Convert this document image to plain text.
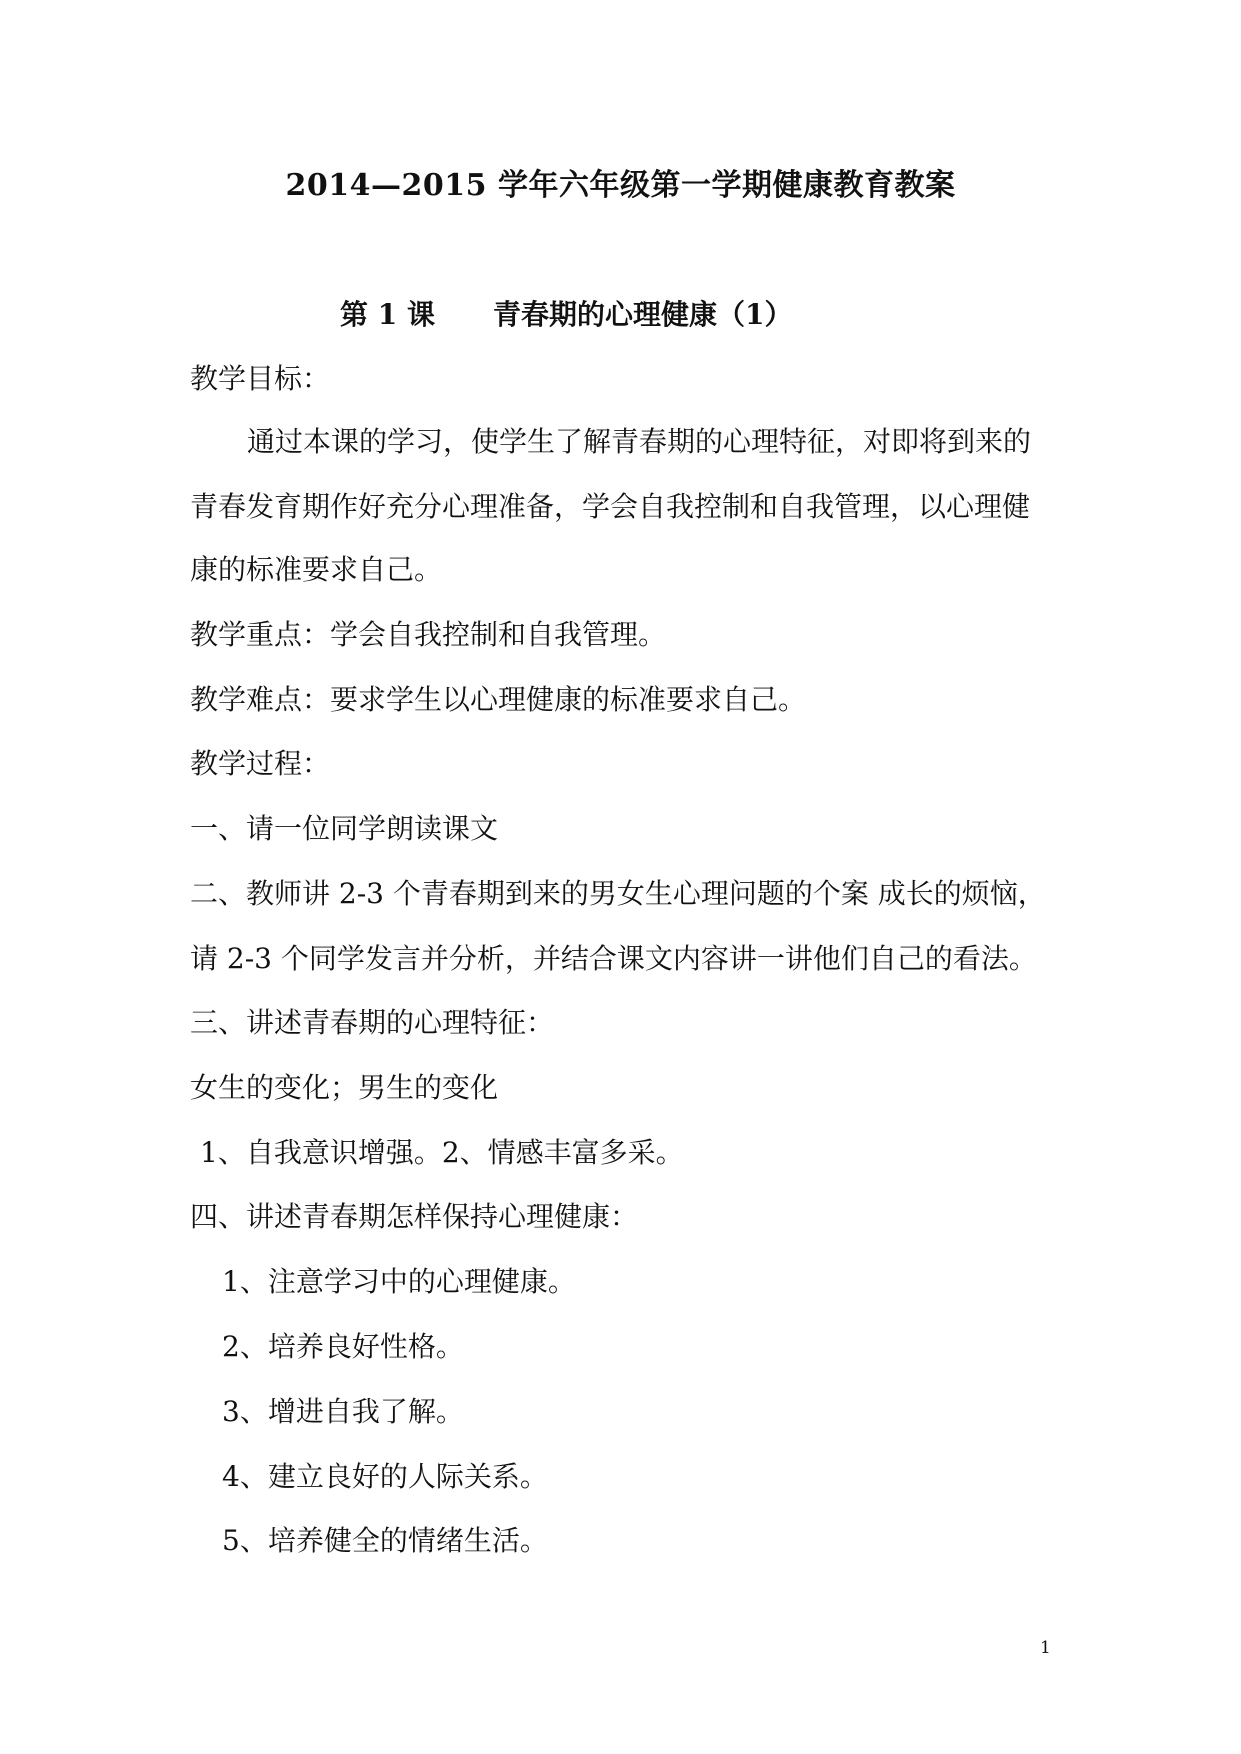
2014—2015 学年六年级第一学期健康教育教案
第 1 课 青春期的心理健康（1）
教学目标：
通过本课的学习，使学生了解青春期的心理特征，对即将到来的
青春发育期作好充分心理准备，学会自我控制和自我管理，以心理健
康的标准要求自己。
教学重点：学会自我控制和自我管理。
教学难点：要求学生以心理健康的标准要求自己。
教学过程：
一、请一位同学朗读课文
二、教师讲 2-3 个青春期到来的男女生心理问题的个案 成长的烦恼，
请 2-3 个同学发言并分析，并结合课文内容讲一讲他们自己的看法。
三、讲述青春期的心理特征：
女生的变化；男生的变化
1、自我意识增强。2、情感丰富多采。
四、讲述青春期怎样保持心理健康：
1、注意学习中的心理健康。
2、培养良好性格。
3、增进自我了解。
4、建立良好的人际关系。
5、培养健全的情绪生活。
1
